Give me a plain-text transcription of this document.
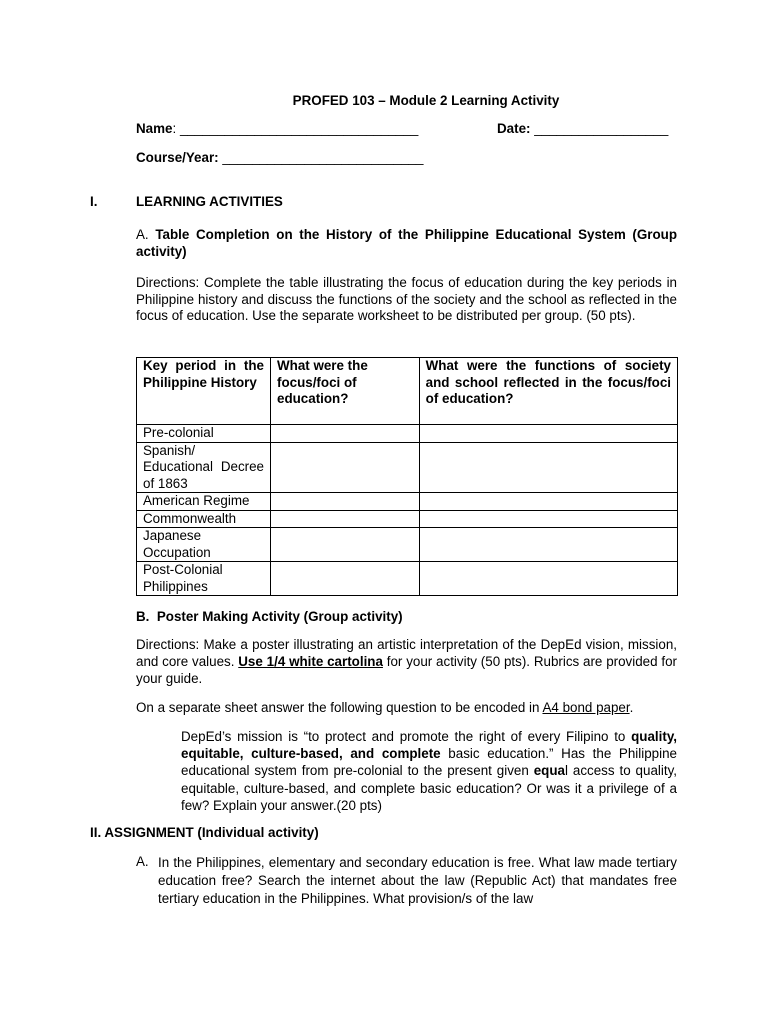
PROFED 103 – Module 2 Learning Activity
Name: ________________________________	Date: __________________
Course/Year: ___________________________
I.	LEARNING ACTIVITIES

A. Table Completion on the History of the Philippine Educational System (Group activity)

Directions: Complete the table illustrating the focus of education during the key periods in Philippine history and discuss the functions of the society and the school as reflected in the focus of education. Use the separate worksheet to be distributed per group. (50 pts).

Key period in the Philippine History	What were the focus/foci of education?	What were the functions of society and school reflected in the focus/foci of education?
Pre-colonial		
Spanish/ Educational Decree of 1863		
American Regime		
Commonwealth		
Japanese Occupation		
Post-Colonial Philippines		
B.  Poster Making Activity (Group activity)

Directions: Make a poster illustrating an artistic interpretation of the DepEd vision, mission, and core values. Use 1/4 white cartolina for your activity (50 pts). Rubrics are provided for your guide.

On a separate sheet answer the following question to be encoded in A4 bond paper.

DepEd’s mission is “to protect and promote the right of every Filipino to quality, equitable, culture-based, and complete basic education.” Has the Philippine educational system from pre-colonial to the present given equal access to quality, equitable, culture-based, and complete basic education? Or was it a privilege of a few? Explain your answer.(20 pts)

II. ASSIGNMENT (Individual activity)
A. In the Philippines, elementary and secondary education is free. What law made tertiary education free? Search the internet about the law (Republic Act) that mandates free tertiary education in the Philippines. What provision/s of the law
